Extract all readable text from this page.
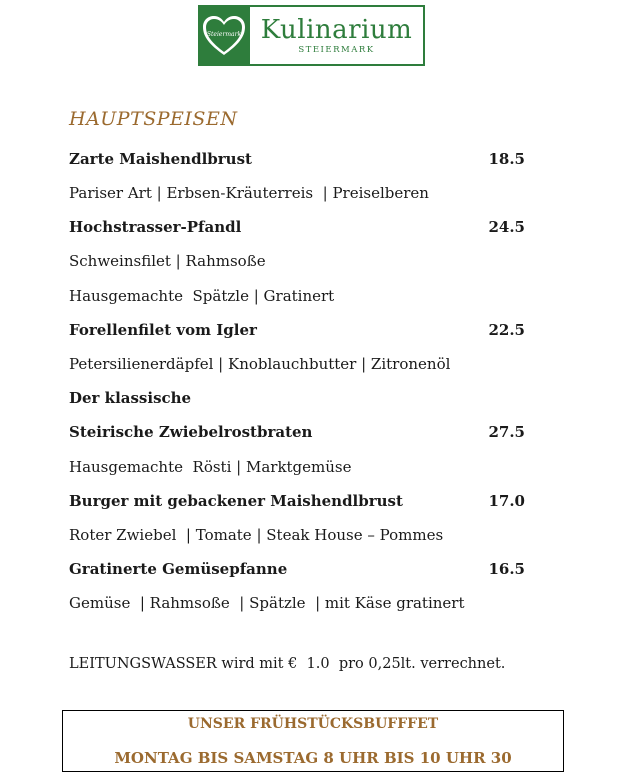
Steiermark Kulinarium
STEIERMARK
HAUPTSPEISEN
Zarte Maishendlbrust	18.5
Pariser Art | Erbsen-Kräuterreis  | Preiselberen
Hochstrasser-Pfandl	24.5
Schweinsfilet | Rahmsoße
Hausgemachte  Spätzle | Gratinert
Forellenfilet vom Igler	22.5
Petersilienerdäpfel | Knoblauchbutter | Zitronenöl
Der klassische
Steirische Zwiebelrostbraten	27.5
Hausgemachte  Rösti | Marktgemüse
Burger mit gebackener Maishendlbrust	17.0
Roter Zwiebel  | Tomate | Steak House – Pommes
Gratinerte Gemüsepfanne	16.5
Gemüse  | Rahmsoße  | Spätzle  | mit Käse gratinert
LEITUNGSWASSER wird mit €  1.0  pro 0,25lt. verrechnet.
UNSER FRÜHSTÜCKSBUFFFET
MONTAG BIS SAMSTAG 8 UHR BIS 10 UHR 30
